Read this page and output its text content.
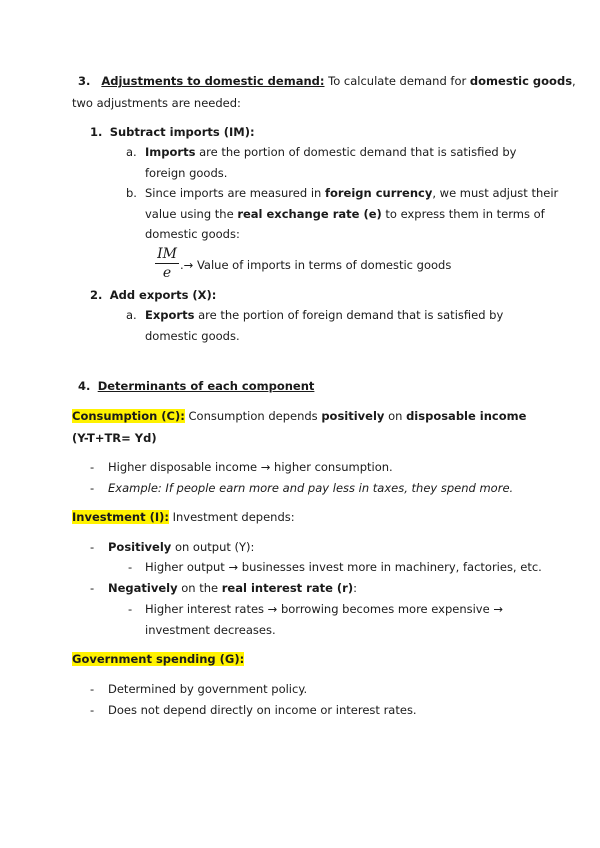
3. Adjustments to domestic demand: To calculate demand for domestic goods,
two adjustments are needed:
1. Subtract imports (IM):
a. Imports are the portion of domestic demand that is satisfied by
foreign goods.
b. Since imports are measured in foreign currency, we must adjust their
value using the real exchange rate (e) to express them in terms of
domestic goods:
IM
e .→ Value of imports in terms of domestic goods
2. Add exports (X):
a. Exports are the portion of foreign demand that is satisfied by
domestic goods.
4. Determinants of each component
Consumption (C): Consumption depends positively on disposable income
(Y-T+TR= Yd)
- Higher disposable income → higher consumption.
- Example: If people earn more and pay less in taxes, they spend more.
Investment (I): Investment depends:
- Positively on output (Y):
- Higher output → businesses invest more in machinery, factories, etc.
- Negatively on the real interest rate (r):
- Higher interest rates → borrowing becomes more expensive →
investment decreases.
Government spending (G):
- Determined by government policy.
- Does not depend directly on income or interest rates.
